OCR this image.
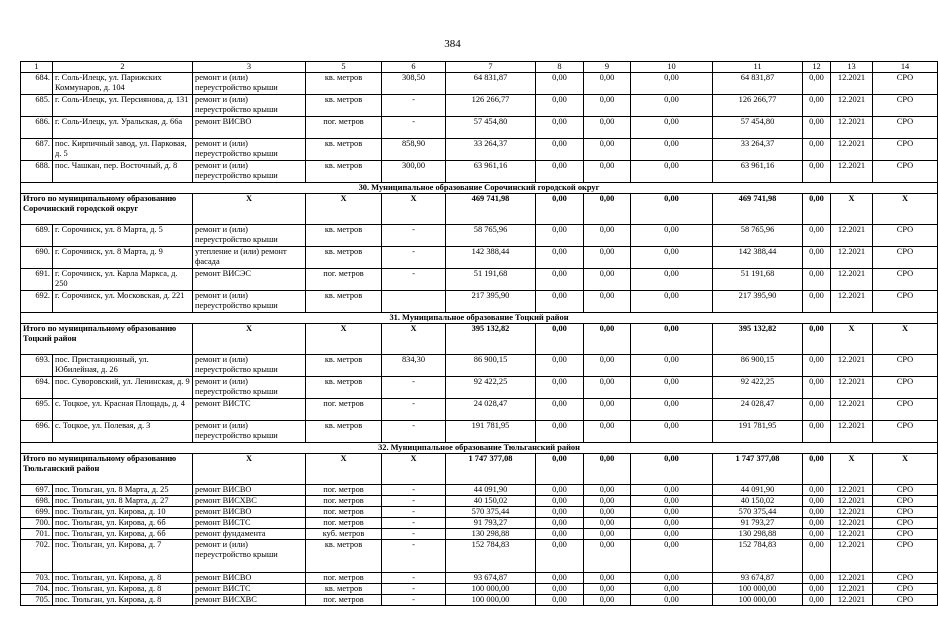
384
1	2	3	5	6	7	8	9	10	11	12	13	14
684.	г. Соль-Илецк, ул. Парижских Коммунаров, д. 104	ремонт и (или) переустройство крыши	кв. метров	308,50	64 831,87	0,00	0,00	0,00	64 831,87	0,00	12.2021	СРО
685.	г. Соль-Илецк, ул. Персиянова, д. 131	ремонт и (или) переустройство крыши	кв. метров	-	126 266,77	0,00	0,00	0,00	126 266,77	0,00	12.2021	СРО
686.	г. Соль-Илецк, ул. Уральская, д. 66а	ремонт ВИСВО	пог. метров	-	57 454,80	0,00	0,00	0,00	57 454,80	0,00	12.2021	СРО
687.	пос. Кирпичный завод, ул. Парковая, д. 5	ремонт и (или) переустройство крыши	кв. метров	858,90	33 264,37	0,00	0,00	0,00	33 264,37	0,00	12.2021	СРО
688.	пос. Чашкан, пер. Восточный, д. 8	ремонт и (или) переустройство крыши	кв. метров	300,00	63 961,16	0,00	0,00	0,00	63 961,16	0,00	12.2021	СРО
30. Муниципальное образование Сорочинский городской округ												
Итого по муниципальному образованию Сорочинский городской округ		X	X	X	469 741,98	0,00	0,00	0,00	469 741,98	0,00	X	X
689.	г. Сорочинск, ул. 8 Марта, д. 5	ремонт и (или) переустройство крыши	кв. метров	-	58 765,96	0,00	0,00	0,00	58 765,96	0,00	12.2021	СРО
690.	г. Сорочинск, ул. 8 Марта, д. 9	утепление и (или) ремонт фасада	кв. метров	-	142 388,44	0,00	0,00	0,00	142 388,44	0,00	12.2021	СРО
691.	г. Сорочинск, ул. Карла Маркса, д. 250	ремонт ВИСЭС	пог. метров	-	51 191,68	0,00	0,00	0,00	51 191,68	0,00	12.2021	СРО
692.	г. Сорочинск, ул. Московская, д. 221	ремонт и (или) переустройство крыши	кв. метров		217 395,90	0,00	0,00	0,00	217 395,90	0,00	12.2021	СРО
31. Муниципальное образование Тоцкий район												
Итого по муниципальному образованию Тоцкий район		X	X	X	395 132,82	0,00	0,00	0,00	395 132,82	0,00	X	X
693.	пос. Пристанционный, ул. Юбилейная, д. 26	ремонт и (или) переустройство крыши	кв. метров	834,30	86 900,15	0,00	0,00	0,00	86 900,15	0,00	12.2021	СРО
694.	пос. Суворовский, ул. Ленинская, д. 9	ремонт и (или) переустройство крыши	кв. метров	-	92 422,25	0,00	0,00	0,00	92 422,25	0,00	12.2021	СРО
695.	с. Тоцкое, ул. Красная Площадь, д. 4	ремонт ВИСТС	пог. метров	-	24 028,47	0,00	0,00	0,00	24 028,47	0,00	12.2021	СРО
696.	с. Тоцкое, ул. Полевая, д. 3	ремонт и (или) переустройство крыши	кв. метров	-	191 781,95	0,00	0,00	0,00	191 781,95	0,00	12.2021	СРО
32. Муниципальное образование Тюльганский район												
Итого по муниципальному образованию Тюльганский район		X	X	X	1 747 377,08	0,00	0,00	0,00	1 747 377,08	0,00	X	X
697.	пос. Тюльган, ул. 8 Марта, д. 25	ремонт ВИСВО	пог. метров	-	44 091,90	0,00	0,00	0,00	44 091,90	0,00	12.2021	СРО
698.	пос. Тюльган, ул. 8 Марта, д. 27	ремонт ВИСХВС	пог. метров	-	40 150,02	0,00	0,00	0,00	40 150,02	0,00	12.2021	СРО
699.	пос. Тюльган, ул. Кирова, д. 10	ремонт ВИСВО	пог. метров	-	570 375,44	0,00	0,00	0,00	570 375,44	0,00	12.2021	СРО
700.	пос. Тюльган, ул. Кирова, д. 6б	ремонт ВИСТС	пог. метров	-	91 793,27	0,00	0,00	0,00	91 793,27	0,00	12.2021	СРО
701.	пос. Тюльган, ул. Кирова, д. 6б	ремонт фундамента	куб. метров	-	130 298,88	0,00	0,00	0,00	130 298,88	0,00	12.2021	СРО
702.	пос. Тюльган, ул. Кирова, д. 7	ремонт и (или) переустройство крыши	кв. метров	-	152 784,83	0,00	0,00	0,00	152 784,83	0,00	12.2021	СРО
703.	пос. Тюльган, ул. Кирова, д. 8	ремонт ВИСВО	пог. метров	-	93 674,87	0,00	0,00	0,00	93 674,87	0,00	12.2021	СРО
704.	пос. Тюльган, ул. Кирова, д. 8	ремонт ВИСТС	кв. метров	-	100 000,00	0,00	0,00	0,00	100 000,00	0,00	12.2021	СРО
705.	пос. Тюльган, ул. Кирова, д. 8	ремонт ВИСХВС	пог. метров	-	100 000,00	0,00	0,00	0,00	100 000,00	0,00	12.2021	СРО
